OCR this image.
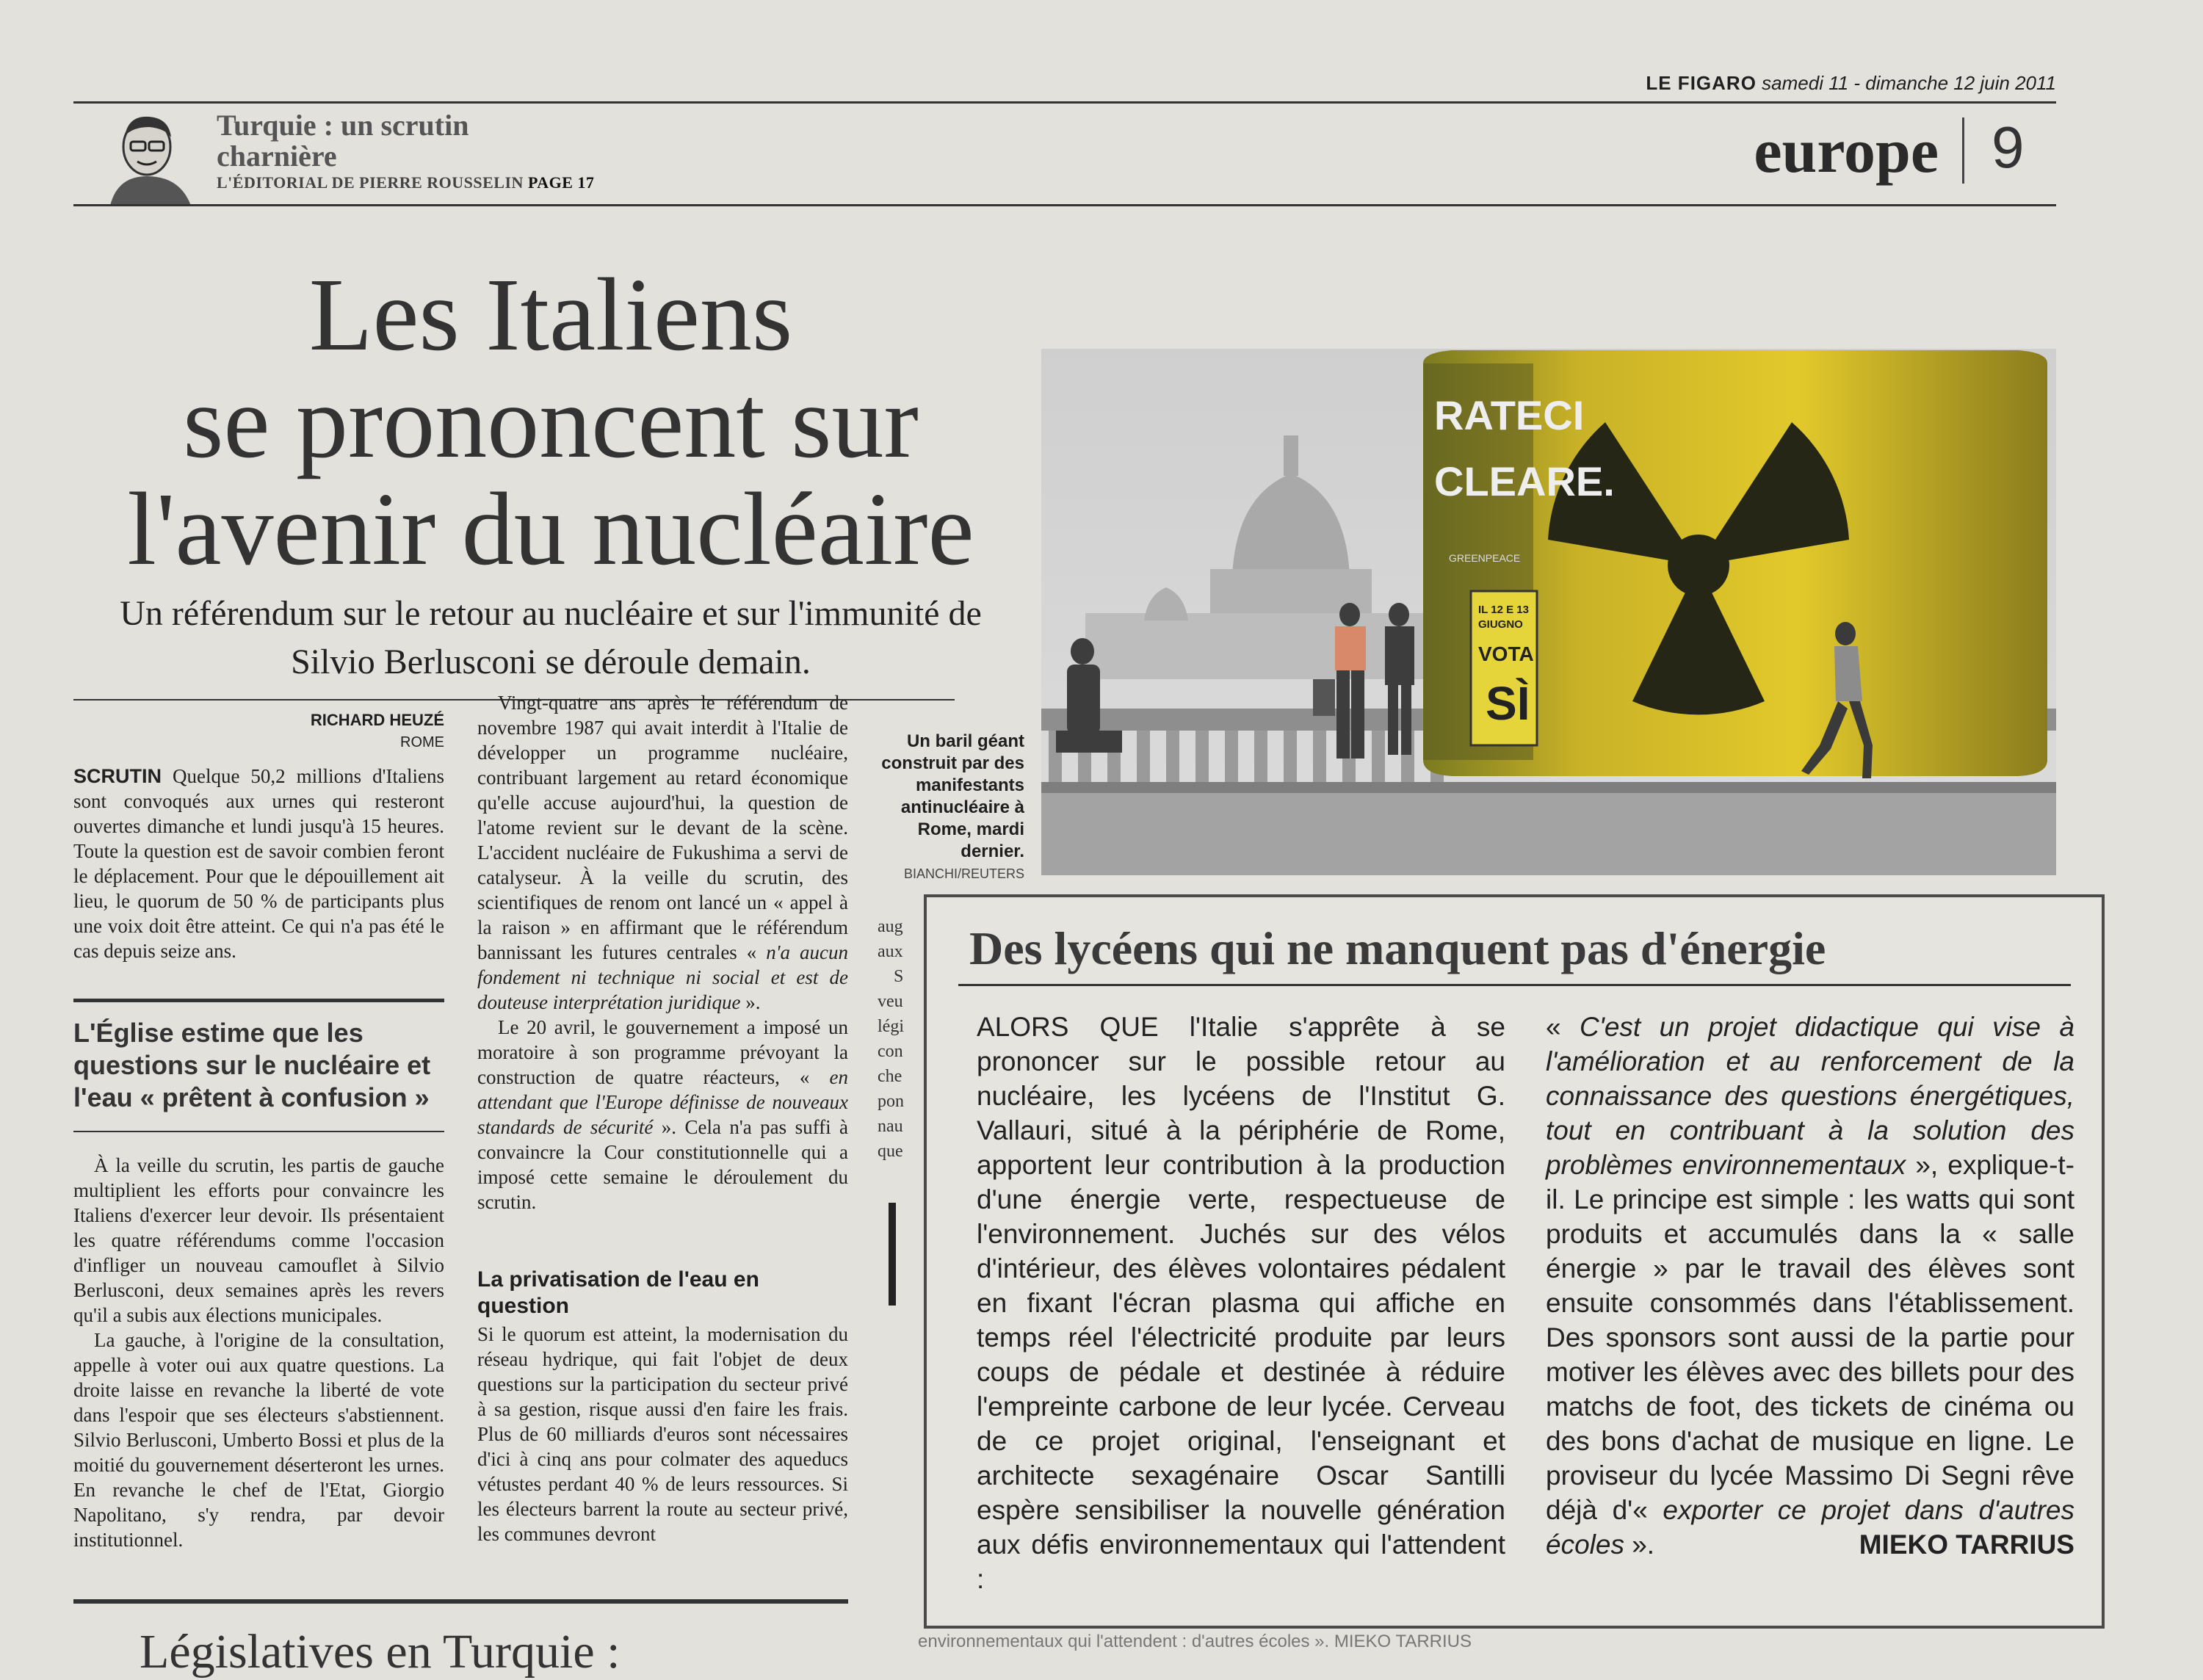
LE FIGARO samedi 11 - dimanche 12 juin 2011
Turquie : un scrutin charnière
L'ÉDITORIAL DE PIERRE ROUSSELIN PAGE 17	europe 9
Les Italiens
se prononcent sur
l'avenir du nucléaire
Un référendum sur le retour au nucléaire et sur l'immunité de Silvio Berlusconi se déroule demain.
RATECI
CLEARE.
GREENPEACE
IL 12 E 13
GIUGNO
VOTA
SÌ
Un baril géant construit par des manifestants antinucléaire à Rome, mardi dernier.
BIANCHI/REUTERS
RICHARD HEUZÉ
ROME
SCRUTIN Quelque 50,2 millions d'Italiens sont convoqués aux urnes qui resteront ouvertes dimanche et lundi jusqu'à 15 heures. Toute la question est de savoir combien feront le déplacement. Pour que le dépouillement ait lieu, le quorum de 50 % de participants plus une voix doit être atteint. Ce qui n'a pas été le cas depuis seize ans.
L'Église estime que les questions sur le nucléaire et l'eau « prêtent à confusion »

À la veille du scrutin, les partis de gauche multiplient les efforts pour convaincre les Italiens d'exercer leur devoir. Ils présentaient les quatre référendums comme l'occasion d'infliger un nouveau camouflet à Silvio Berlusconi, deux semaines après les revers qu'il a subis aux élections municipales.

La gauche, à l'origine de la consultation, appelle à voter oui aux quatre questions. La droite laisse en revanche la liberté de vote dans l'espoir que ses électeurs s'abstiennent. Silvio Berlusconi, Umberto Bossi et plus de la moitié du gouvernement déserteront les urnes. En revanche le chef de l'Etat, Giorgio Napolitano, s'y rendra, par devoir institutionnel.

Vingt-quatre ans après le référendum de novembre 1987 qui avait interdit à l'Italie de développer un programme nucléaire, contribuant largement au retard économique qu'elle accuse aujourd'hui, la question de l'atome revient sur le devant de la scène. L'accident nucléaire de Fukushima a servi de catalyseur. À la veille du scrutin, des scientifiques de renom ont lancé un « appel à la raison » en affirmant que le référendum bannissant les futures centrales « n'a aucun fondement ni technique ni social et est de douteuse interprétation juridique ».

Le 20 avril, le gouvernement a imposé un moratoire à son programme prévoyant la construction de quatre réacteurs, « en attendant que l'Europe définisse de nouveaux standards de sécurité ». Cela n'a pas suffi à convaincre la Cour constitutionnelle qui a imposé cette semaine le déroulement du scrutin.

La privatisation de l'eau en question
Si le quorum est atteint, la modernisation du réseau hydrique, qui fait l'objet de deux questions sur la participation du secteur privé à sa gestion, risque aussi d'en faire les frais. Plus de 60 milliards d'euros sont nécessaires d'ici à cinq ans pour colmater des aqueducs vétustes perdant 40 % de leurs ressources. Si les électeurs barrent la route au secteur privé, les communes devront
aug
aux
S
veu
légi
con
che
pon
nau
que
Des lycéens qui ne manquent pas d'énergie
ALORS QUE l'Italie s'apprête à se prononcer sur le possible retour au nucléaire, les lycéens de l'Institut G. Vallauri, situé à la périphérie de Rome, apportent leur contribution à la production d'une énergie verte, respectueuse de l'environnement. Juchés sur des vélos d'intérieur, des élèves volontaires pédalent en fixant l'écran plasma qui affiche en temps réel l'électricité produite par leurs coups de pédale et destinée à réduire l'empreinte carbone de leur lycée. Cerveau de ce projet original, l'enseignant et architecte sexagénaire Oscar Santilli espère sensibiliser la nouvelle génération aux défis environnementaux qui l'attendent :
« C'est un projet didactique qui vise à l'amélioration et au renforcement de la connaissance des questions énergétiques, tout en contribuant à la solution des problèmes environnementaux », explique-t-il. Le principe est simple : les watts qui sont produits et accumulés dans la « salle énergie » par le travail des élèves sont ensuite consommés dans l'établissement. Des sponsors sont aussi de la partie pour motiver les élèves avec des billets pour des matchs de foot, des tickets de cinéma ou des bons d'achat de musique en ligne. Le proviseur du lycée Massimo Di Segni rêve déjà d'« exporter ce projet dans d'autres écoles ».	MIEKO TARRIUS
environnementaux qui l'attendent : d'autres écoles ». MIEKO TARRIUS
Législatives en Turquie :
